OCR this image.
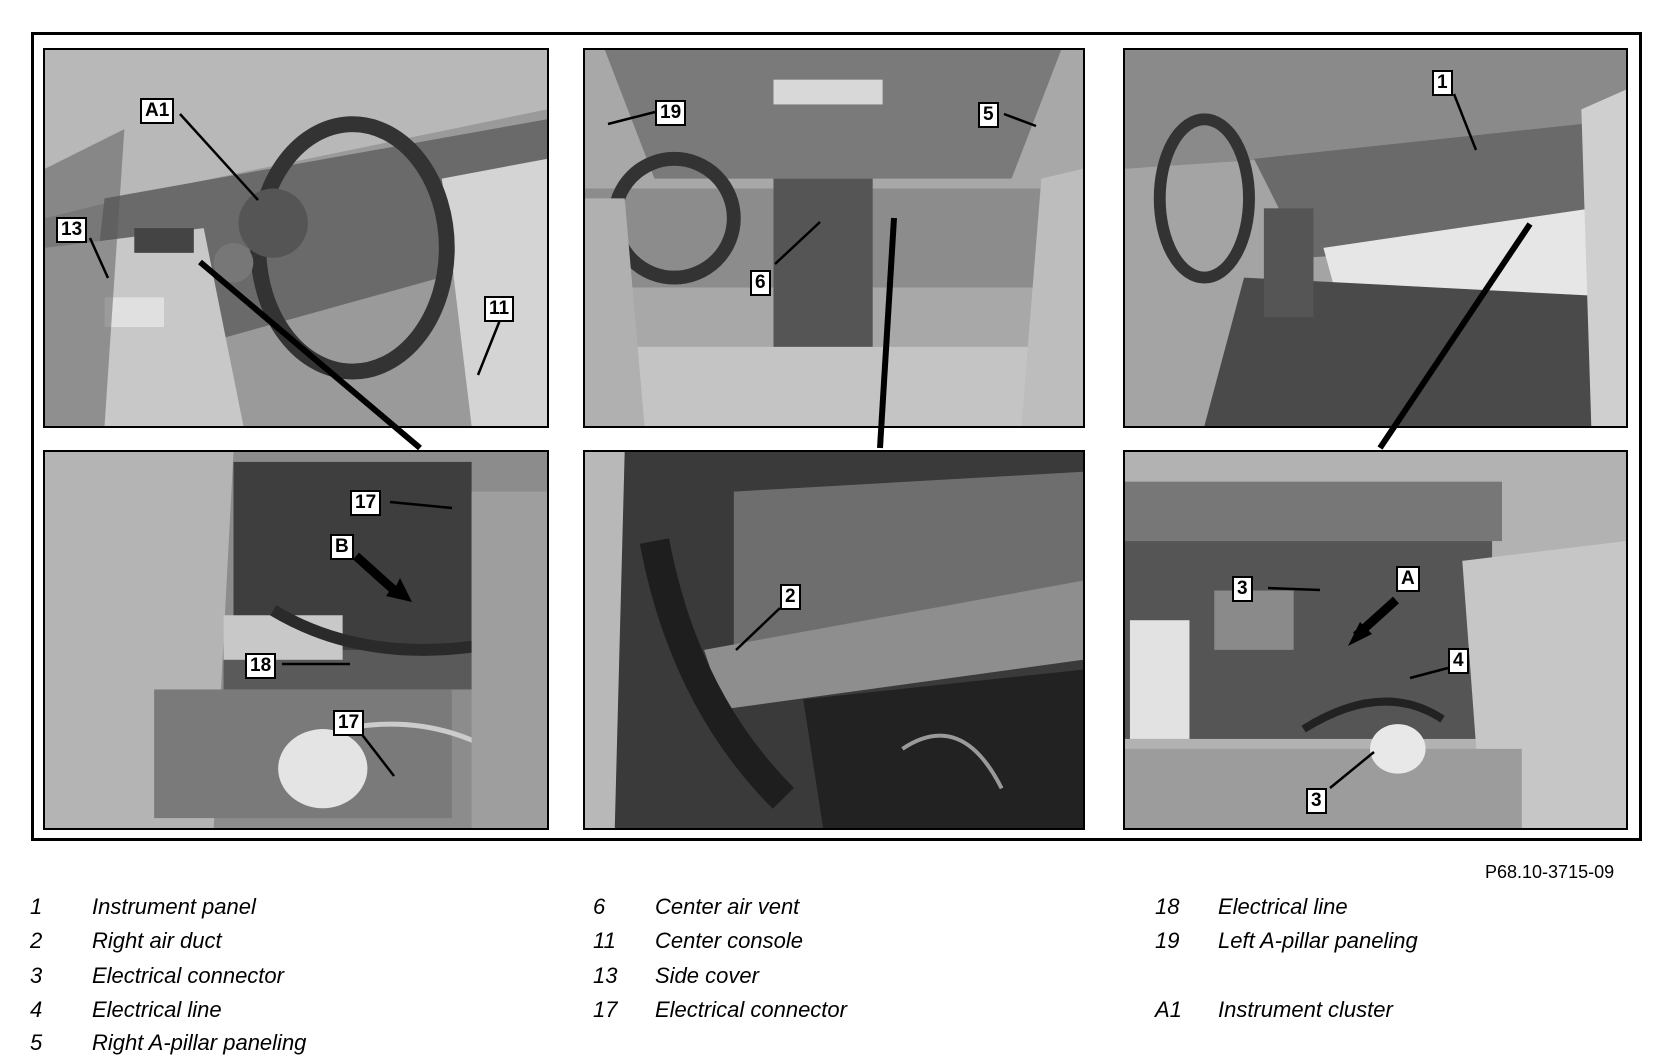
A1
13
11
19	5
6
1
17
B
18
17
2	3	A
4
3
P68.10-3715-09
1 Instrument panel
2 Right air duct
3 Electrical connector
4 Electrical line
5 Right A-pillar paneling
6 Center air vent
11 Center console
13 Side cover
17 Electrical connector
18 Electrical line
19 Left A-pillar paneling
A1 Instrument cluster
